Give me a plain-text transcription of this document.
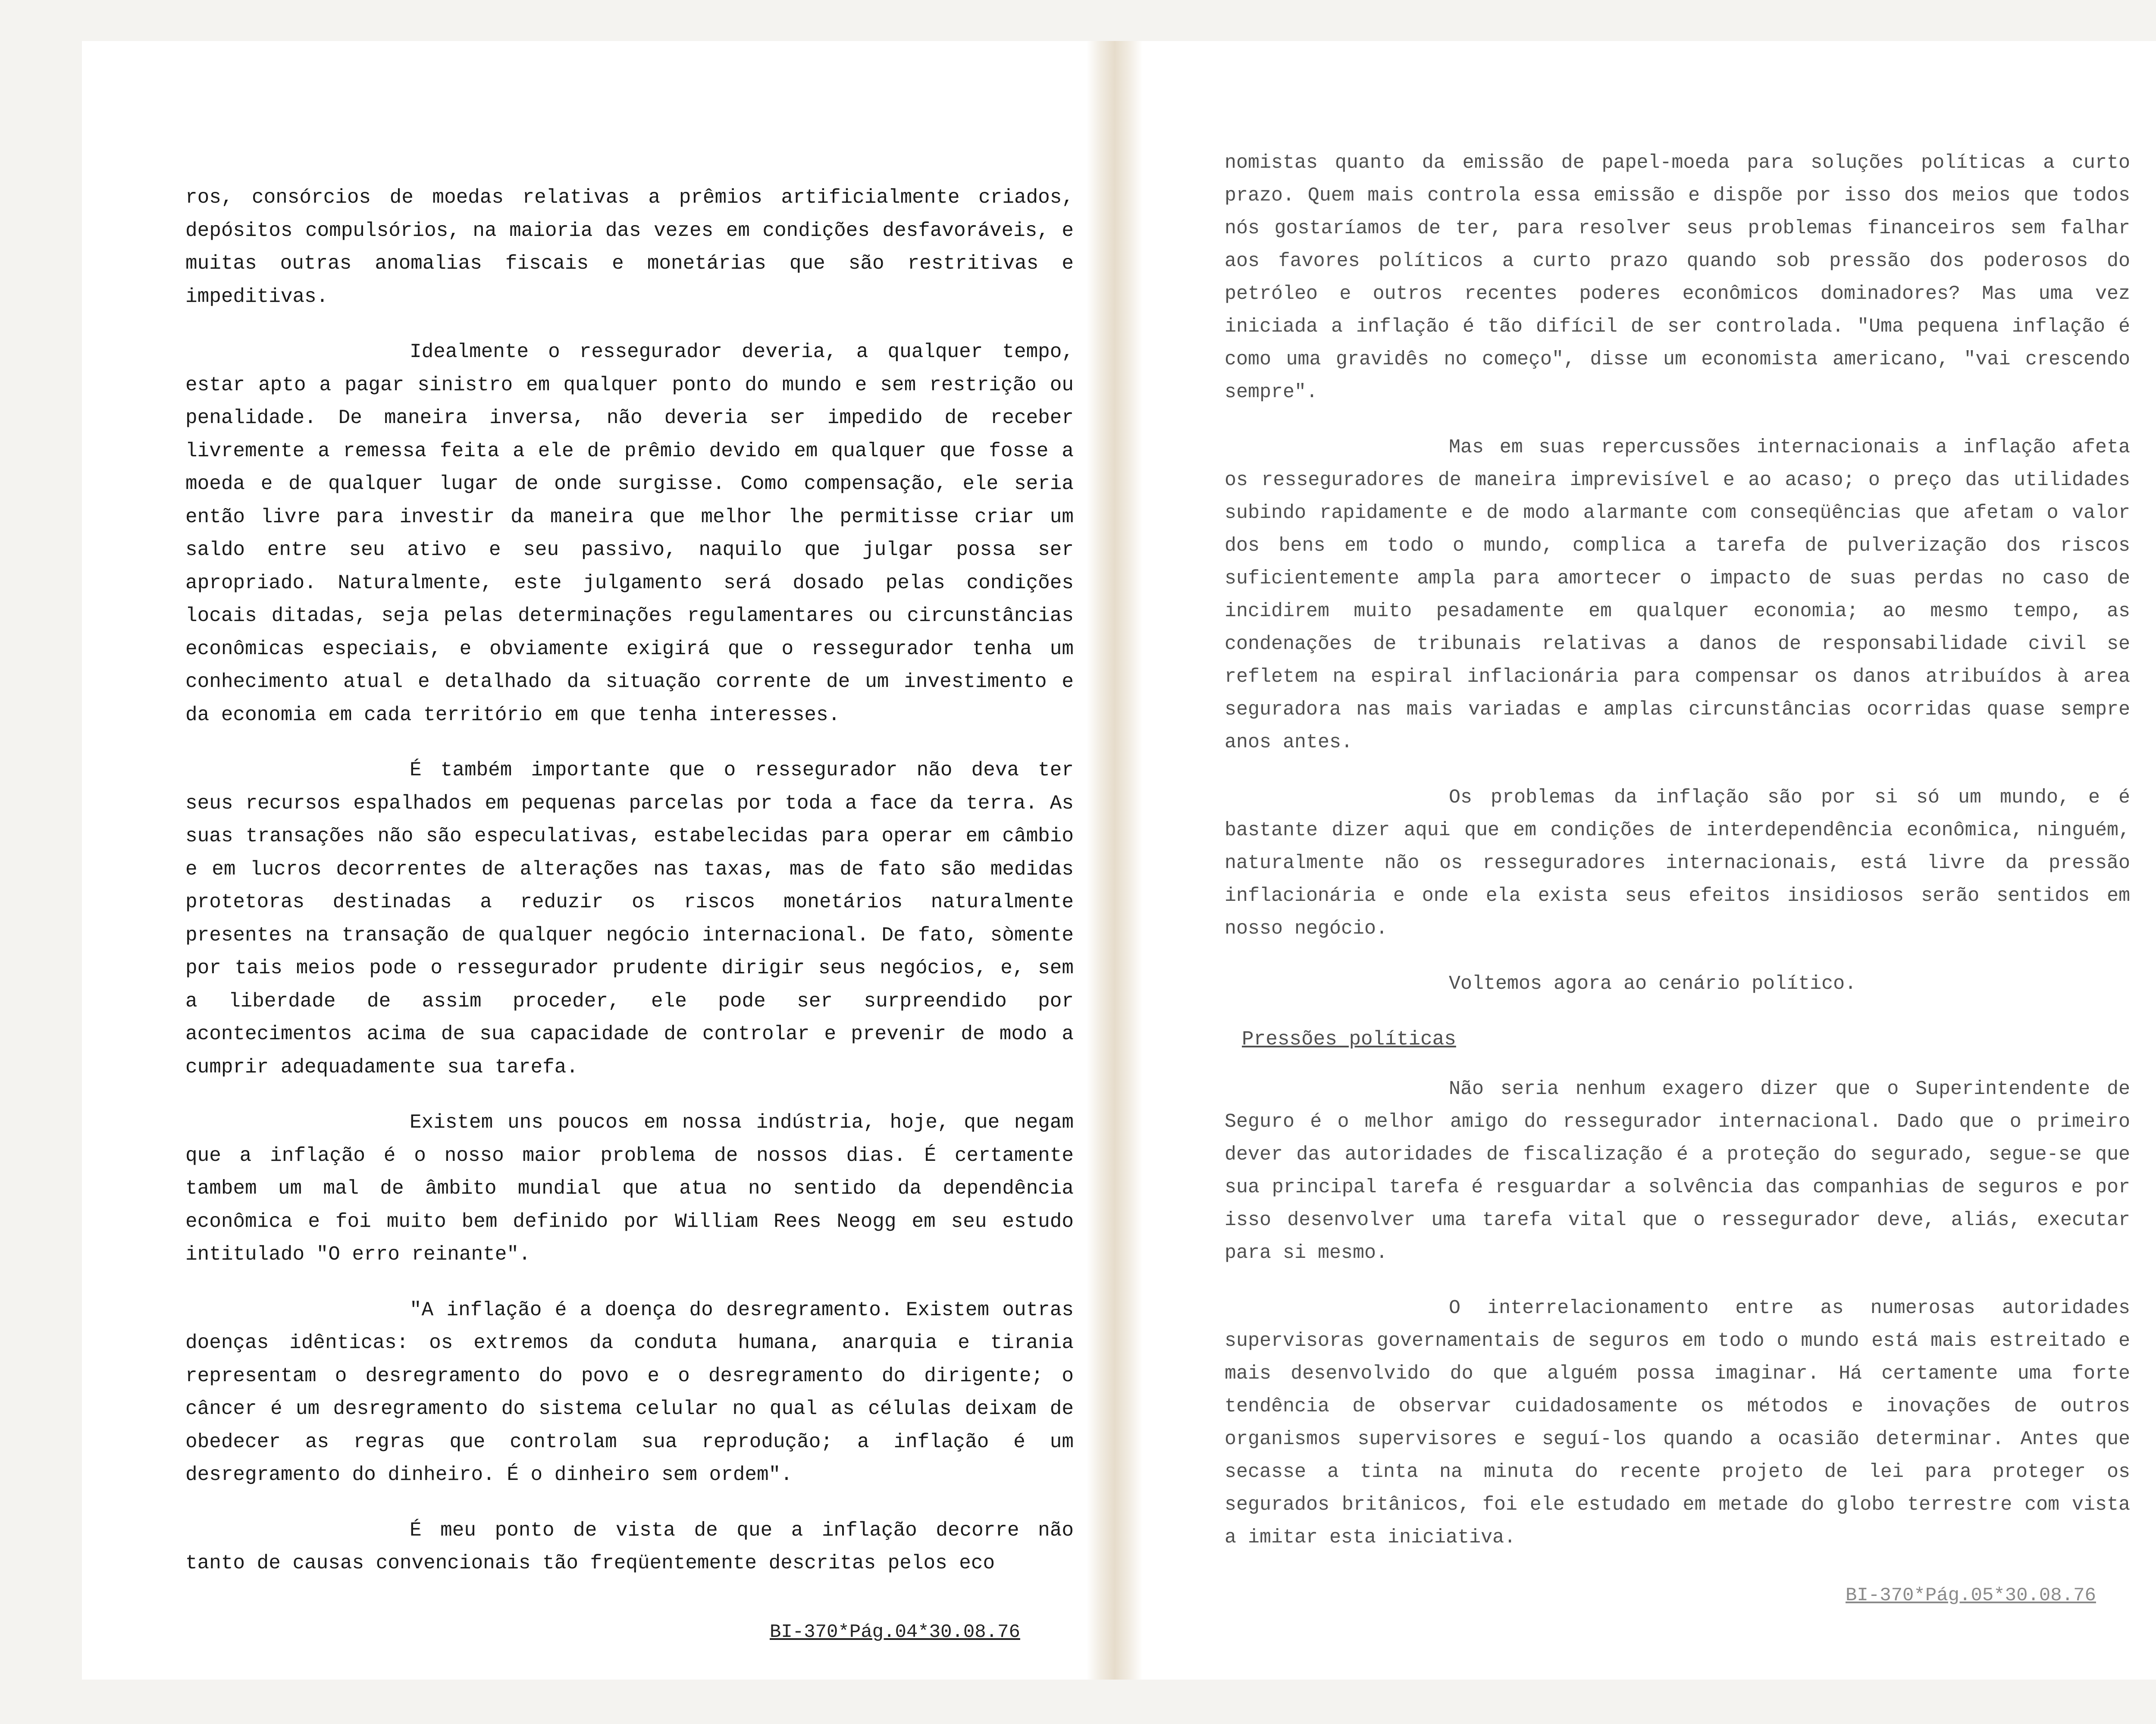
ros, consórcios de moedas relativas a prêmios artificialmente criados, depósitos compulsórios, na maioria das vezes em condições desfavoráveis, e muitas outras anomalias fiscais e monetárias que são restritivas e impeditivas.

Idealmente o ressegurador deveria, a qualquer tempo, estar apto a pagar sinistro em qualquer ponto do mundo e sem restrição ou penalidade. De maneira inversa, não deveria ser impedido de receber livremente a remessa feita a ele de prêmio devido em qualquer que fosse a moeda e de qualquer lugar de onde surgisse. Como compensação, ele seria então livre para investir da maneira que melhor lhe permitisse criar um saldo entre seu ativo e seu passivo, naquilo que julgar possa ser apropriado. Naturalmente, este julgamento será dosado pelas condições locais ditadas, seja pelas determinações regulamentares ou circunstâncias econômicas especiais, e obviamente exigirá que o ressegurador tenha um conhecimento atual e detalhado da situação corrente de um investimento e da economia em cada território em que tenha interesses.

É também importante que o ressegurador não deva ter seus recursos espalhados em pequenas parcelas por toda a face da terra. As suas transações não são especulativas, estabelecidas para operar em câmbio e em lucros decorrentes de alterações nas taxas, mas de fato são medidas protetoras destinadas a reduzir os riscos monetários naturalmente presentes na transação de qualquer negócio internacional. De fato, sòmente por tais meios pode o ressegurador prudente dirigir seus negócios, e, sem a liberdade de assim proceder, ele pode ser surpreendido por acontecimentos acima de sua capacidade de controlar e prevenir de modo a cumprir adequadamente sua tarefa.

Existem uns poucos em nossa indústria, hoje, que negam que a inflação é o nosso maior problema de nossos dias. É certamente tambem um mal de âmbito mundial que atua no sentido da dependência econômica e foi muito bem definido por William Rees Neogg em seu estudo intitulado "O erro reinante".

"A inflação é a doença do desregramento. Existem outras doenças idênticas: os extremos da conduta humana, anarquia e tirania representam o desregramento do povo e o desregramento do dirigente; o câncer é um desregramento do sistema celular no qual as células deixam de obedecer as regras que controlam sua reprodução; a inflação é um desregramento do dinheiro. É o dinheiro sem ordem".

É meu ponto de vista de que a inflação decorre não tanto de causas convencionais tão freqüentemente descritas pelos eco

BI-370*Pág.04*30.08.76

nomistas quanto da emissão de papel-moeda para soluções políticas a curto prazo. Quem mais controla essa emissão e dispõe por isso dos meios que todos nós gostaríamos de ter, para resolver seus problemas financeiros sem falhar aos favores políticos a curto prazo quando sob pressão dos poderosos do petróleo e outros recentes poderes econômicos dominadores? Mas uma vez iniciada a inflação é tão difícil de ser controlada. "Uma pequena inflação é como uma gravidês no começo", disse um economista americano, "vai crescendo sempre".

Mas em suas repercussões internacionais a inflação afeta os resseguradores de maneira imprevisível e ao acaso; o preço das utilidades subindo rapidamente e de modo alarmante com conseqüências que afetam o valor dos bens em todo o mundo, complica a tarefa de pulverização dos riscos suficientemente ampla para amortecer o impacto de suas perdas no caso de incidirem muito pesadamente em qualquer economia; ao mesmo tempo, as condenações de tribunais relativas a danos de responsabilidade civil se refletem na espiral inflacionária para compensar os danos atribuídos à area seguradora nas mais variadas e amplas circunstâncias ocorridas quase sempre anos antes.

Os problemas da inflação são por si só um mundo, e é bastante dizer aqui que em condições de interdependência econômica, ninguém, naturalmente não os resseguradores internacionais, está livre da pressão inflacionária e onde ela exista seus efeitos insidiosos serão sentidos em nosso negócio.

Voltemos agora ao cenário político.

Pressões políticas

Não seria nenhum exagero dizer que o Superintendente de Seguro é o melhor amigo do ressegurador internacional. Dado que o primeiro dever das autoridades de fiscalização é a proteção do segurado, segue-se que sua principal tarefa é resguardar a solvência das companhias de seguros e por isso desenvolver uma tarefa vital que o ressegurador deve, aliás, executar para si mesmo.

O interrelacionamento entre as numerosas autoridades supervisoras governamentais de seguros em todo o mundo está mais estreitado e mais desenvolvido do que alguém possa imaginar. Há certamente uma forte tendência de observar cuidadosamente os métodos e inovações de outros organismos supervisores e seguí-los quando a ocasião determinar. Antes que secasse a tinta na minuta do recente projeto de lei para proteger os segurados britânicos, foi ele estudado em metade do globo terrestre com vista a imitar esta iniciativa.

BI-370*Pág.05*30.08.76
